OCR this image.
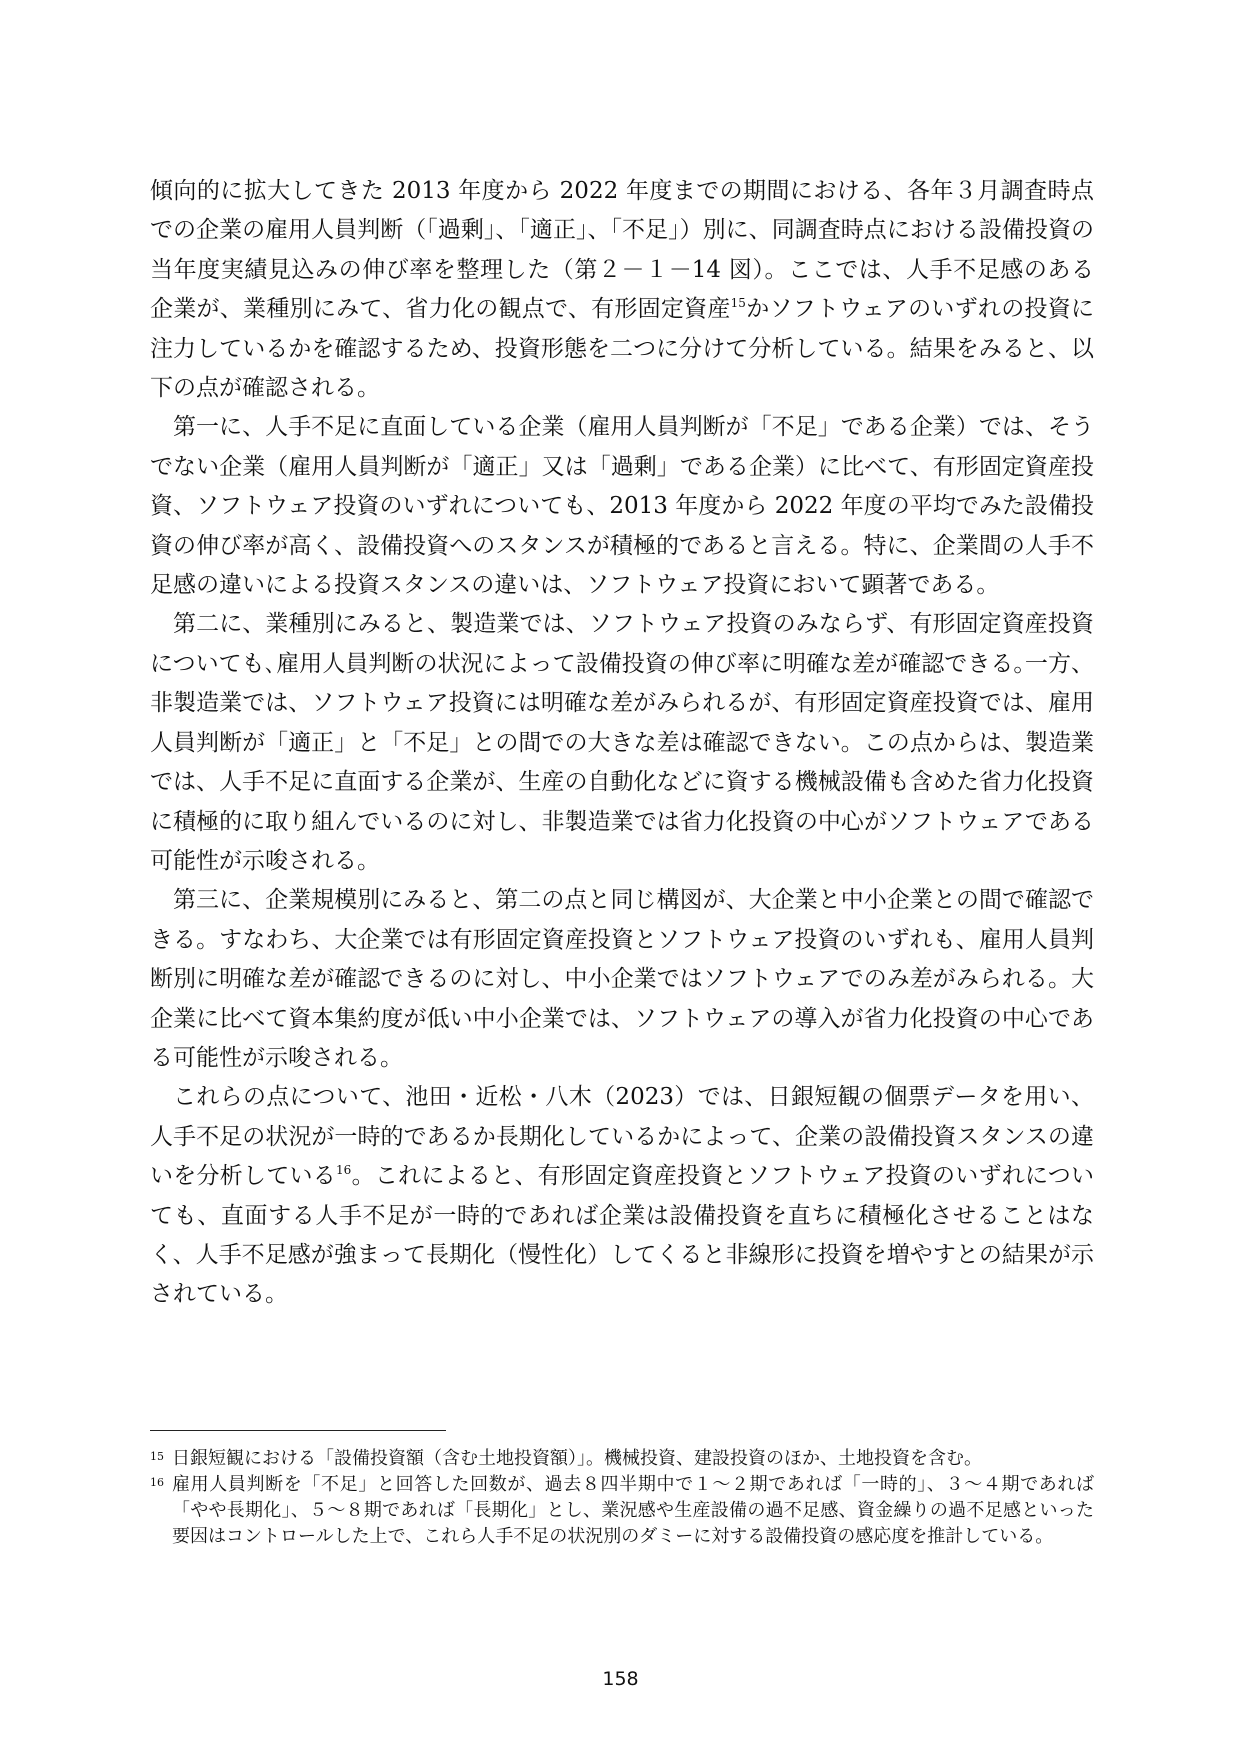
傾向的に拡大してきた 2013 年度から 2022 年度までの期間における、各年３月調査時点での企業の雇用人員判断（「過剰」、「適正」、「不足」）別に、同調査時点における設備投資の当年度実績見込みの伸び率を整理した（第２－１－14 図）。ここでは、人手不足感のある企業が、業種別にみて、省力化の観点で、有形固定資産$^{15}$かソフトウェアのいずれの投資に注力しているかを確認するため、投資形態を二つに分けて分析している。結果をみると、以下の点が確認される。

第一に、人手不足に直面している企業（雇用人員判断が「不足」である企業）では、そうでない企業（雇用人員判断が「適正」又は「過剰」である企業）に比べて、有形固定資産投資、ソフトウェア投資のいずれについても、2013 年度から 2022 年度の平均でみた設備投資の伸び率が高く、設備投資へのスタンスが積極的であると言える。特に、企業間の人手不足感の違いによる投資スタンスの違いは、ソフトウェア投資において顕著である。

第二に、業種別にみると、製造業では、ソフトウェア投資のみならず、有形固定資産投資についても､雇用人員判断の状況によって設備投資の伸び率に明確な差が確認できる｡一方、非製造業では、ソフトウェア投資には明確な差がみられるが、有形固定資産投資では、雇用人員判断が「適正」と「不足」との間での大きな差は確認できない。この点からは、製造業では、人手不足に直面する企業が、生産の自動化などに資する機械設備も含めた省力化投資に積極的に取り組んでいるのに対し、非製造業では省力化投資の中心がソフトウェアである可能性が示唆される。

第三に、企業規模別にみると、第二の点と同じ構図が、大企業と中小企業との間で確認できる。すなわち、大企業では有形固定資産投資とソフトウェア投資のいずれも、雇用人員判断別に明確な差が確認できるのに対し、中小企業ではソフトウェアでのみ差がみられる。大企業に比べて資本集約度が低い中小企業では、ソフトウェアの導入が省力化投資の中心である可能性が示唆される。

これらの点について、池田・近松・八木（2023）では、日銀短観の個票データを用い、人手不足の状況が一時的であるか長期化しているかによって、企業の設備投資スタンスの違いを分析している$^{16}$。これによると、有形固定資産投資とソフトウェア投資のいずれについても、直面する人手不足が一時的であれば企業は設備投資を直ちに積極化させることはなく、人手不足感が強まって長期化（慢性化）してくると非線形に投資を増やすとの結果が示されている。

15 日銀短観における「設備投資額（含む土地投資額）」。機械投資、建設投資のほか、土地投資を含む。
16 雇用人員判断を「不足」と回答した回数が、過去８四半期中で１～２期であれば「一時的」、３～４期であれば「やや長期化」、５～８期であれば「長期化」とし、業況感や生産設備の過不足感、資金繰りの過不足感といった要因はコントロールした上で、これら人手不足の状況別のダミーに対する設備投資の感応度を推計している。
158
